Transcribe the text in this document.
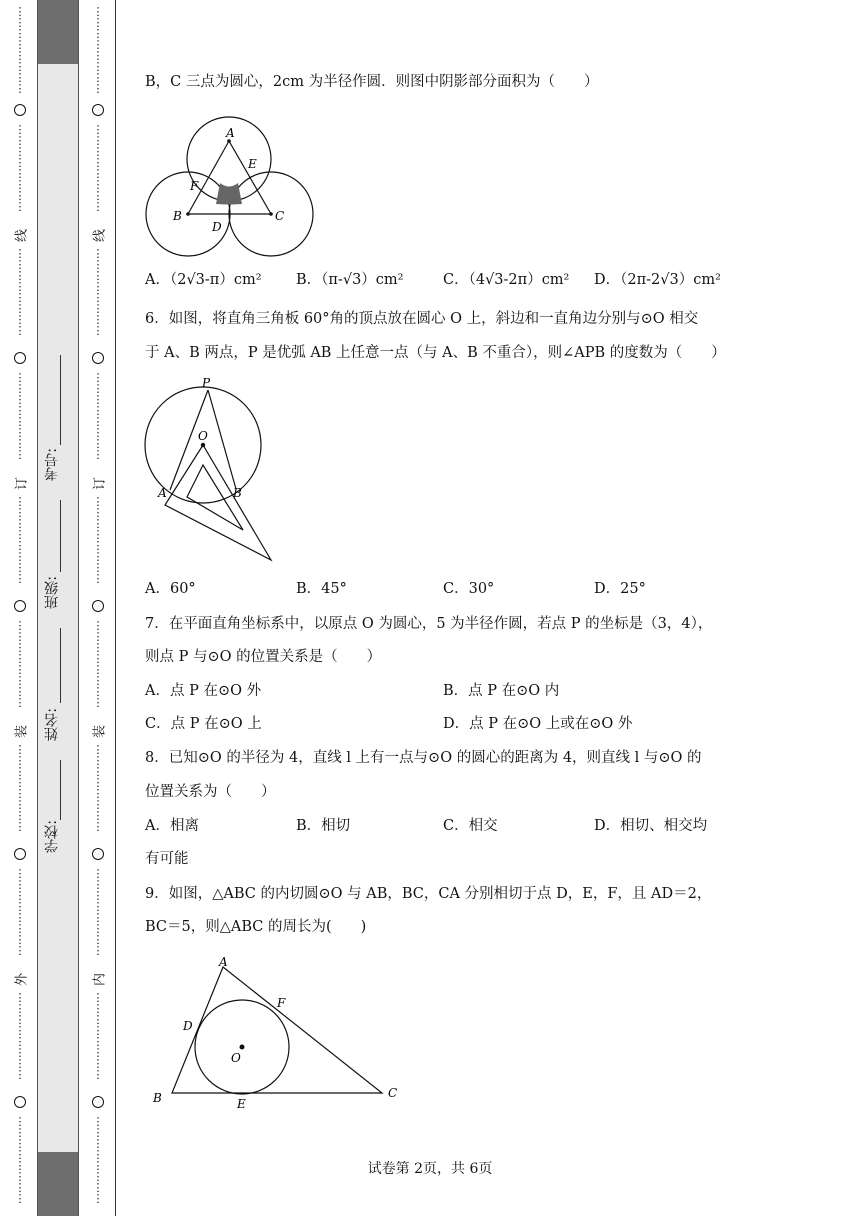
学校:
姓名:
班级:
考号:
B，C 三点为圆心，2cm 为半径作圆．则图中阴影部分面积为（　　）
A
B	C
D
E
F
A．（2√3-π）cm² B．（π-√3）cm²	C．（4√3-2π）cm² D．（2π-2√3）cm²
6．如图，将直角三角板 60°角的顶点放在圆心 O 上，斜边和一直角边分别与⊙O 相交
于 A、B 两点，P 是优弧 AB 上任意一点（与 A、B 不重合），则∠APB 的度数为（　　）
P
O
A	B
A．60°	B．45°	C．30°	D．25°
7．在平面直角坐标系中，以原点 O 为圆心，5 为半径作圆，若点 P 的坐标是（3，4），
则点 P 与⊙O 的位置关系是（　　）
A．点 P 在⊙O 外	B．点 P 在⊙O 内
C．点 P 在⊙O 上	D．点 P 在⊙O 上或在⊙O 外
8．已知⊙O 的半径为 4，直线 l 上有一点与⊙O 的圆心的距离为 4，则直线 l 与⊙O 的
位置关系为（　　）
A．相离	B．相切	C．相交	D．相切、相交均
有可能
9．如图，△ABC 的内切圆⊙O 与 AB，BC，CA 分别相切于点 D，E，F，且 AD＝2，
BC＝5，则△ABC 的周长为(　　)
A
B	C
D
E
F
O
试卷第 2页，共 6页
⋮
⋮
⋮
⋮
⋮
⋮
⋮
⋮
⋮
⋮
⋮
⋮
⋮
⋮
⋮
⋮
线
⋮
⋮
⋮
⋮
⋮
⋮
⋮
⋮
⋮
⋮
⋮
⋮
⋮
⋮
⋮
⋮
订
⋮
⋮
⋮
⋮
⋮
⋮
⋮
⋮
⋮
⋮
⋮
⋮
⋮
⋮
⋮
⋮
装
⋮
⋮
⋮
⋮
⋮
⋮
⋮
⋮
⋮
⋮
⋮
⋮
⋮
⋮
⋮
⋮
外
⋮
⋮
⋮
⋮
⋮
⋮
⋮
⋮
⋮
⋮
⋮
⋮
⋮
⋮
⋮
⋮
⋮
⋮
⋮
⋮
⋮
⋮
⋮
⋮
⋮
⋮
⋮
⋮
⋮
⋮
⋮
⋮
线
⋮
⋮
⋮
⋮
⋮
⋮
⋮
⋮
⋮
⋮
⋮
⋮
⋮
⋮
⋮
⋮
订
⋮
⋮
⋮
⋮
⋮
⋮
⋮
⋮
⋮
⋮
⋮
⋮
⋮
⋮
⋮
⋮
装
⋮
⋮
⋮
⋮
⋮
⋮
⋮
⋮
⋮
⋮
⋮
⋮
⋮
⋮
⋮
⋮
内
⋮
⋮
⋮
⋮
⋮
⋮
⋮
⋮
⋮
⋮
⋮
⋮
⋮
⋮
⋮
⋮
